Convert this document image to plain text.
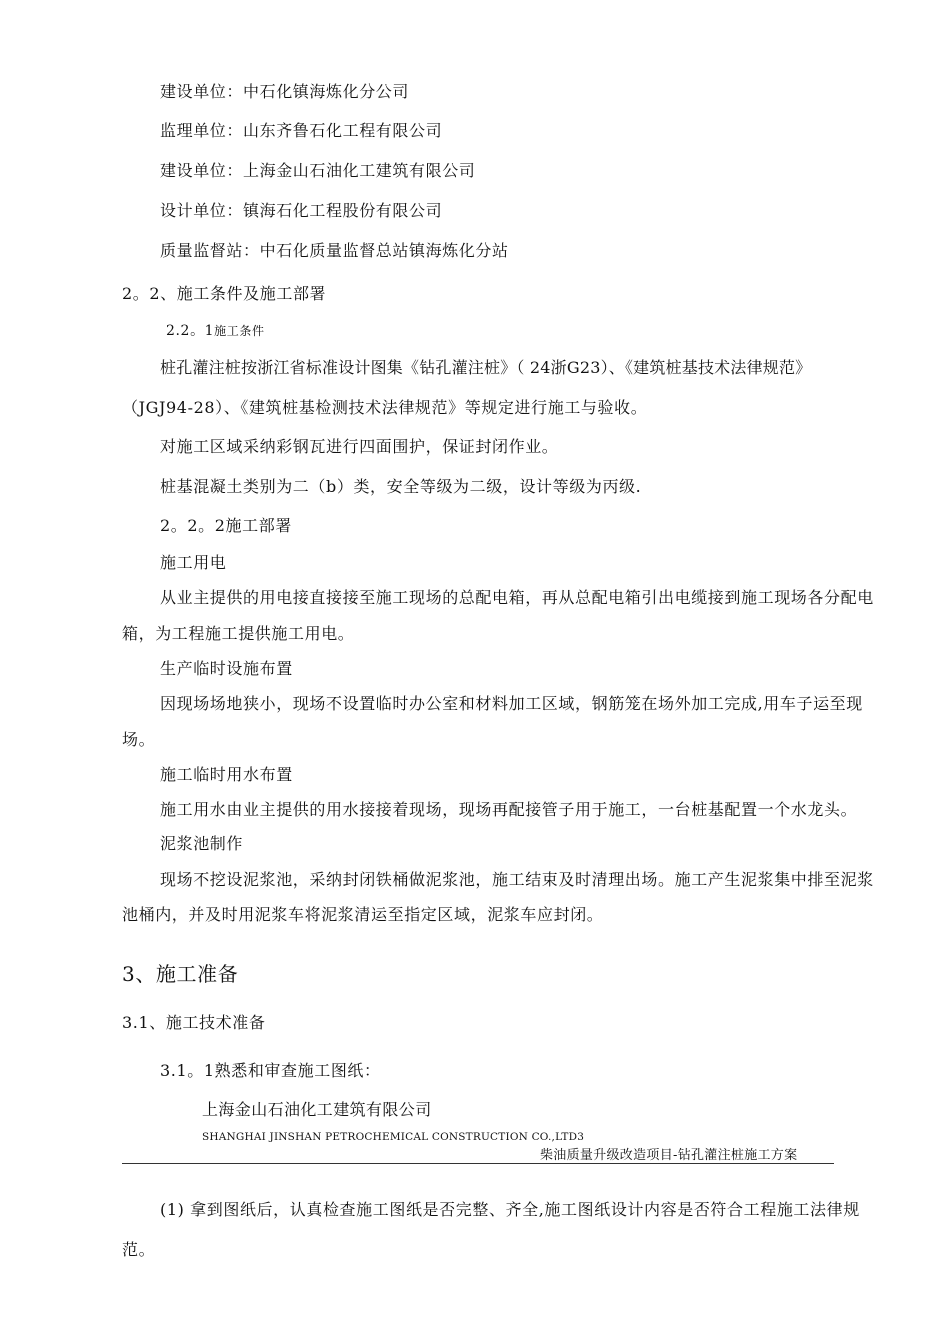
建设单位：中石化镇海炼化分公司

监理单位：山东齐鲁石化工程有限公司

建设单位：上海金山石油化工建筑有限公司

设计单位：镇海石化工程股份有限公司

质量监督站：中石化质量监督总站镇海炼化分站

2。2、施工条件及施工部署

2.2。1施工条件

桩孔灌注桩按浙江省标准设计图集《钻孔灌注桩》（ 24浙G23）、《建筑桩基技术法律规范》

（JGJ94-28）、《建筑桩基检测技术法律规范》等规定进行施工与验收。

对施工区域采纳彩钢瓦进行四面围护，保证封闭作业。

桩基混凝土类别为二（b）类，安全等级为二级，设计等级为丙级.

2。2。2施工部署

施工用电

从业主提供的用电接直接接至施工现场的总配电箱，再从总配电箱引出电缆接到施工现场各分配电

箱，为工程施工提供施工用电。

生产临时设施布置

因现场场地狭小，现场不设置临时办公室和材料加工区域，钢筋笼在场外加工完成,用车子运至现

场。

施工临时用水布置

施工用水由业主提供的用水接接着现场，现场再配接管子用于施工，一台桩基配置一个水龙头。

泥浆池制作

现场不挖设泥浆池，采纳封闭铁桶做泥浆池，施工结束及时清理出场。施工产生泥浆集中排至泥浆

池桶内，并及时用泥浆车将泥浆清运至指定区域，泥浆车应封闭。

3、施工准备

3.1、施工技术准备

3.1。1熟悉和审查施工图纸：

上海金山石油化工建筑有限公司

SHANGHAI JINSHAN PETROCHEMICAL CONSTRUCTION CO.,LTD3

柴油质量升级改造项目-钻孔灌注桩施工方案

(1) 拿到图纸后，认真检查施工图纸是否完整、齐全,施工图纸设计内容是否符合工程施工法律规

范。
